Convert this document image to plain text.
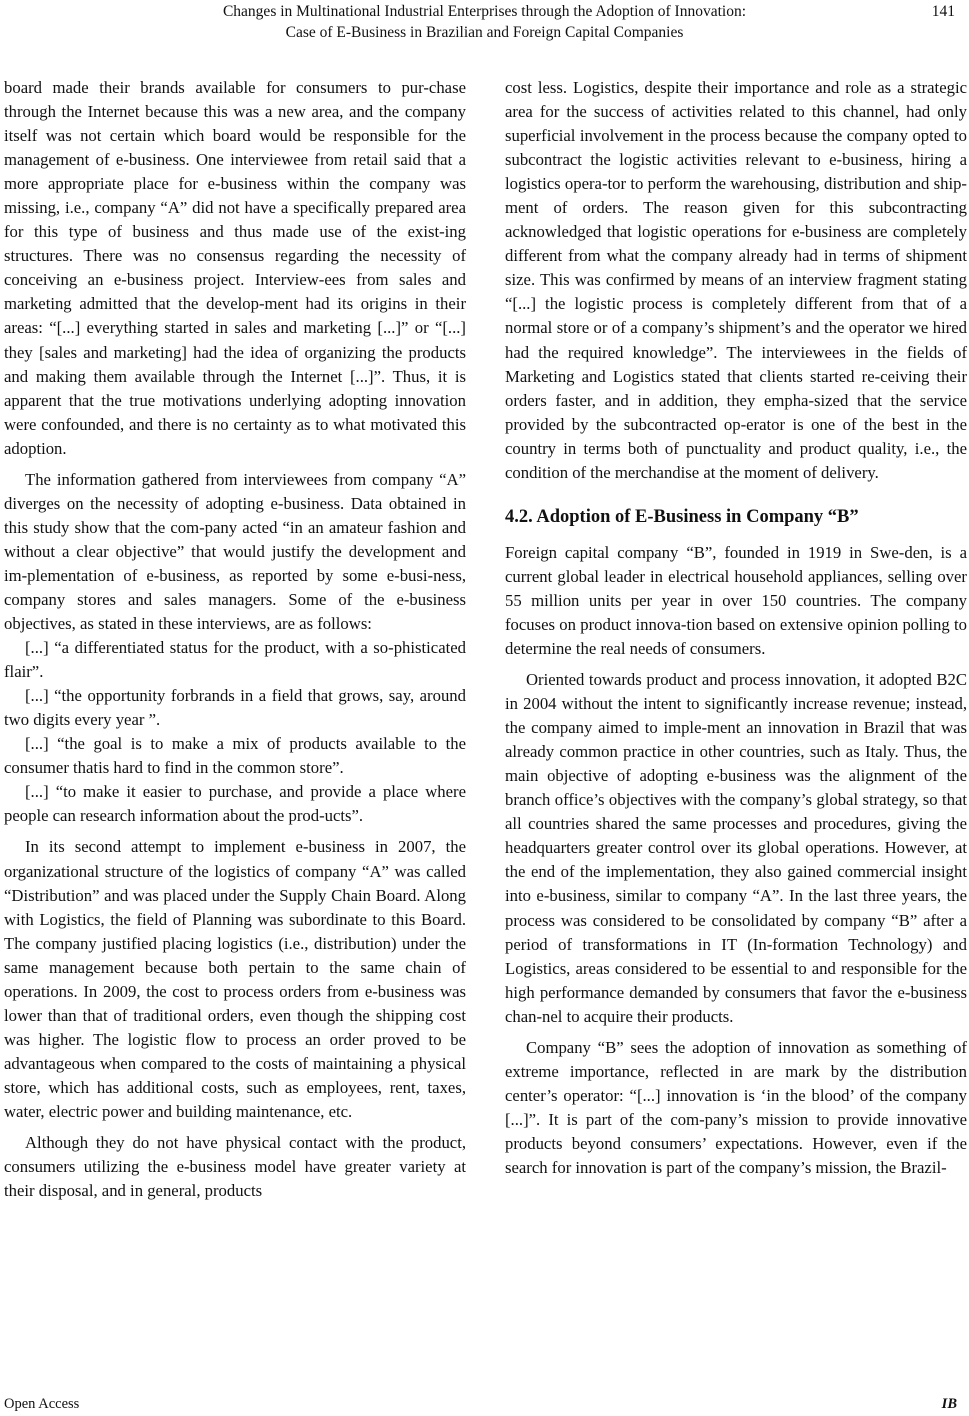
Changes in Multinational Industrial Enterprises through the Adoption of Innovation:
Case of E-Business in Brazilian and Foreign Capital Companies
141

board made their brands available for consumers to pur-chase through the Internet because this was a new area, and the company itself was not certain which board would be responsible for the management of e-business. One interviewee from retail said that a more appropriate place for e-business within the company was missing, i.e., company “A” did not have a specifically prepared area for this type of business and thus made use of the exist-ing structures. There was no consensus regarding the necessity of conceiving an e-business project. Interview-ees from sales and marketing admitted that the develop-ment had its origins in their areas: “[...] everything started in sales and marketing [...]” or “[...] they [sales and marketing] had the idea of organizing the products and making them available through the Internet [...]”. Thus, it is apparent that the true motivations underlying adopting innovation were confounded, and there is no certainty as to what motivated this adoption.

The information gathered from interviewees from company “A” diverges on the necessity of adopting e-business. Data obtained in this study show that the com-pany acted “in an amateur fashion and without a clear objective” that would justify the development and im-plementation of e-business, as reported by some e-busi-ness, company stores and sales managers. Some of the e-business objectives, as stated in these interviews, are as follows:

[...] “a differentiated status for the product, with a so-phisticated flair”.

[...] “the opportunity forbrands in a field that grows, say, around two digits every year ”.

[...] “the goal is to make a mix of products available to the consumer thatis hard to find in the common store”.

[...] “to make it easier to purchase, and provide a place where people can research information about the prod-ucts”.

In its second attempt to implement e-business in 2007, the organizational structure of the logistics of company “A” was called “Distribution” and was placed under the Supply Chain Board. Along with Logistics, the field of Planning was subordinate to this Board. The company justified placing logistics (i.e., distribution) under the same management because both pertain to the same chain of operations. In 2009, the cost to process orders from e-business was lower than that of traditional orders, even though the shipping cost was higher. The logistic flow to process an order proved to be advantageous when compared to the costs of maintaining a physical store, which has additional costs, such as employees, rent, taxes, water, electric power and building maintenance, etc.

Although they do not have physical contact with the product, consumers utilizing the e-business model have greater variety at their disposal, and in general, products

cost less. Logistics, despite their importance and role as a strategic area for the success of activities related to this channel, had only superficial involvement in the process because the company opted to subcontract the logistic activities relevant to e-business, hiring a logistics opera-tor to perform the warehousing, distribution and ship-ment of orders. The reason given for this subcontracting acknowledged that logistic operations for e-business are completely different from what the company already had in terms of shipment size. This was confirmed by means of an interview fragment stating “[...] the logistic process is completely different from that of a normal store or of a company’s shipment’s and the operator we hired had the required knowledge”. The interviewees in the fields of Marketing and Logistics stated that clients started re-ceiving their orders faster, and in addition, they empha-sized that the service provided by the subcontracted op-erator is one of the best in the country in terms both of punctuality and product quality, i.e., the condition of the merchandise at the moment of delivery.

4.2. Adoption of E-Business in Company “B”

Foreign capital company “B”, founded in 1919 in Swe-den, is a current global leader in electrical household appliances, selling over 55 million units per year in over 150 countries. The company focuses on product innova-tion based on extensive opinion polling to determine the real needs of consumers.

Oriented towards product and process innovation, it adopted B2C in 2004 without the intent to significantly increase revenue; instead, the company aimed to imple-ment an innovation in Brazil that was already common practice in other countries, such as Italy. Thus, the main objective of adopting e-business was the alignment of the branch office’s objectives with the company’s global strategy, so that all countries shared the same processes and procedures, giving the headquarters greater control over its global operations. However, at the end of the implementation, they also gained commercial insight into e-business, similar to company “A”. In the last three years, the process was considered to be consolidated by company “B” after a period of transformations in IT (In-formation Technology) and Logistics, areas considered to be essential to and responsible for the high performance demanded by consumers that favor the e-business chan-nel to acquire their products.

Company “B” sees the adoption of innovation as something of extreme importance, reflected in are mark by the distribution center’s operator: “[...] innovation is ‘in the blood’ of the company [...]”. It is part of the com-pany’s mission to provide innovative products beyond consumers’ expectations. However, even if the search for innovation is part of the company’s mission, the Brazil-

Open Access	IB
